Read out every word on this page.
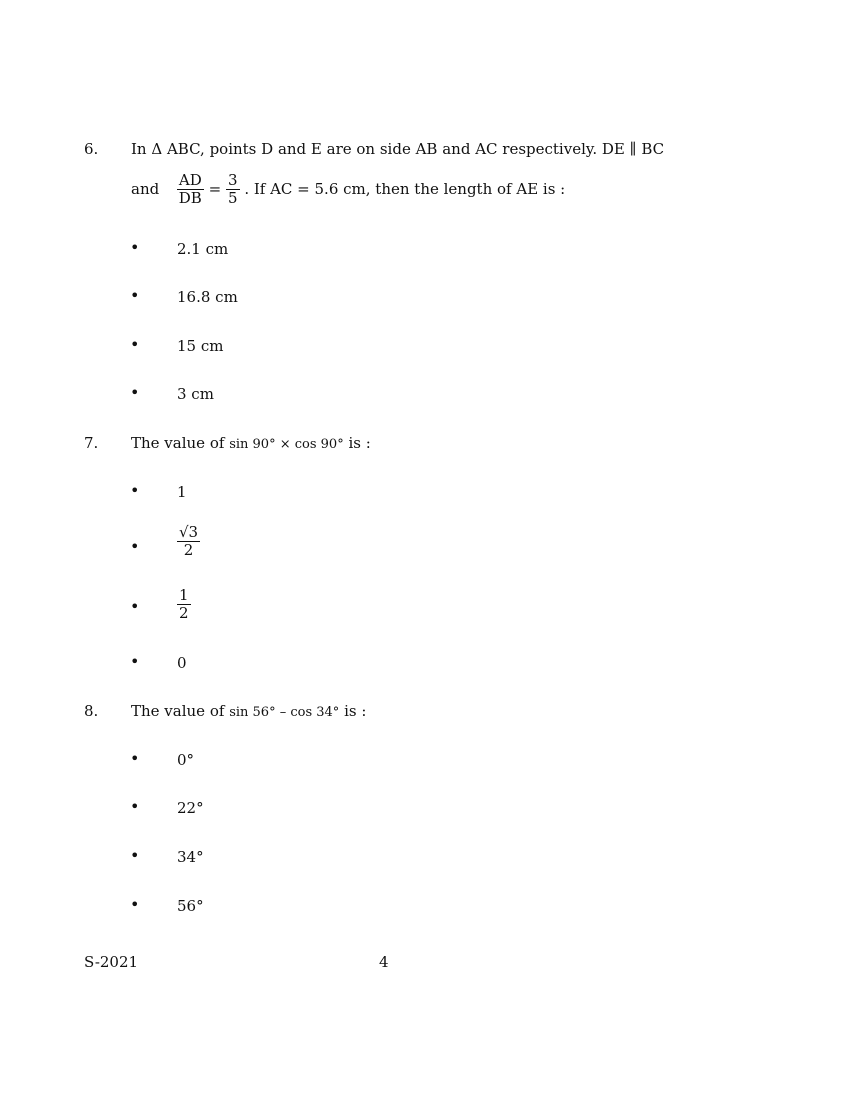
6. In Δ ABC, points D and E are on side AB and AC respectively. DE ∥ BC
and $\frac{AD}{DB} = \frac{3}{5}$ . If AC = 5.6 cm, then the length of AE is :
•	2.1 cm
•	16.8 cm
•	15 cm
•	3 cm
7. The value of sin 90° × cos 90° is :
•	1
•	$\frac{√3}{2}$
•	$\frac{1}{2}$
•	0
8. The value of sin 56° – cos 34° is :
•	0°
•	22°
•	34°
•	56°
S-2021	4
